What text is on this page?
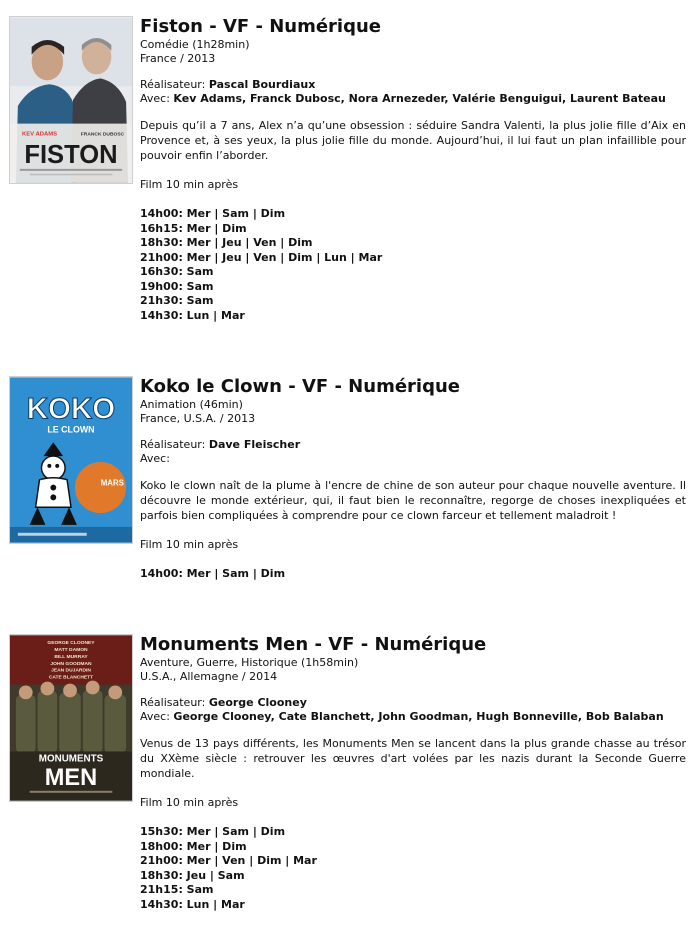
KEV ADAMS	FRANCK DUBOSC
FISTON
Fiston - VF - Numérique
Comédie (1h28min)
France / 2013
Réalisateur: Pascal Bourdiaux
Avec: Kev Adams, Franck Dubosc, Nora Arnezeder, Valérie Benguigui, Laurent Bateau
Depuis qu’il a 7 ans, Alex n’a qu’une obsession : séduire Sandra Valenti, la plus jolie fille d’Aix en Provence et, à ses yeux, la plus jolie fille du monde. Aujourd’hui, il lui faut un plan infaillible pour pouvoir enfin l’aborder.
Film 10 min après
14h00: Mer | Sam | Dim
16h15: Mer | Dim
18h30: Mer | Jeu | Ven | Dim
21h00: Mer | Jeu | Ven | Dim | Lun | Mar
16h30: Sam
19h00: Sam
21h30: Sam
14h30: Lun | Mar
KOKO
LE CLOWN
MARS
Koko le Clown - VF - Numérique
Animation (46min)
France, U.S.A. / 2013
Réalisateur: Dave Fleischer
Avec:
Koko le clown naît de la plume à l'encre de chine de son auteur pour chaque nouvelle aventure. Il découvre le monde extérieur, qui, il faut bien le reconnaître, regorge de choses inexpliquées et parfois bien compliquées à comprendre pour ce clown farceur et tellement maladroit !
Film 10 min après
14h00: Mer | Sam | Dim
GEORGE CLOONEY
MATT DAMON
BILL MURRAY
JOHN GOODMAN
JEAN DUJARDIN
CATE BLANCHETT
MONUMENTS
MEN
Monuments Men - VF - Numérique
Aventure, Guerre, Historique (1h58min)
U.S.A., Allemagne / 2014
Réalisateur: George Clooney
Avec: George Clooney, Cate Blanchett, John Goodman, Hugh Bonneville, Bob Balaban
Venus de 13 pays différents, les Monuments Men se lancent dans la plus grande chasse au trésor du XXème siècle : retrouver les œuvres d'art volées par les nazis durant la Seconde Guerre mondiale.
Film 10 min après
15h30: Mer | Sam | Dim
18h00: Mer | Dim
21h00: Mer | Ven | Dim | Mar
18h30: Jeu | Sam
21h15: Sam
14h30: Lun | Mar
